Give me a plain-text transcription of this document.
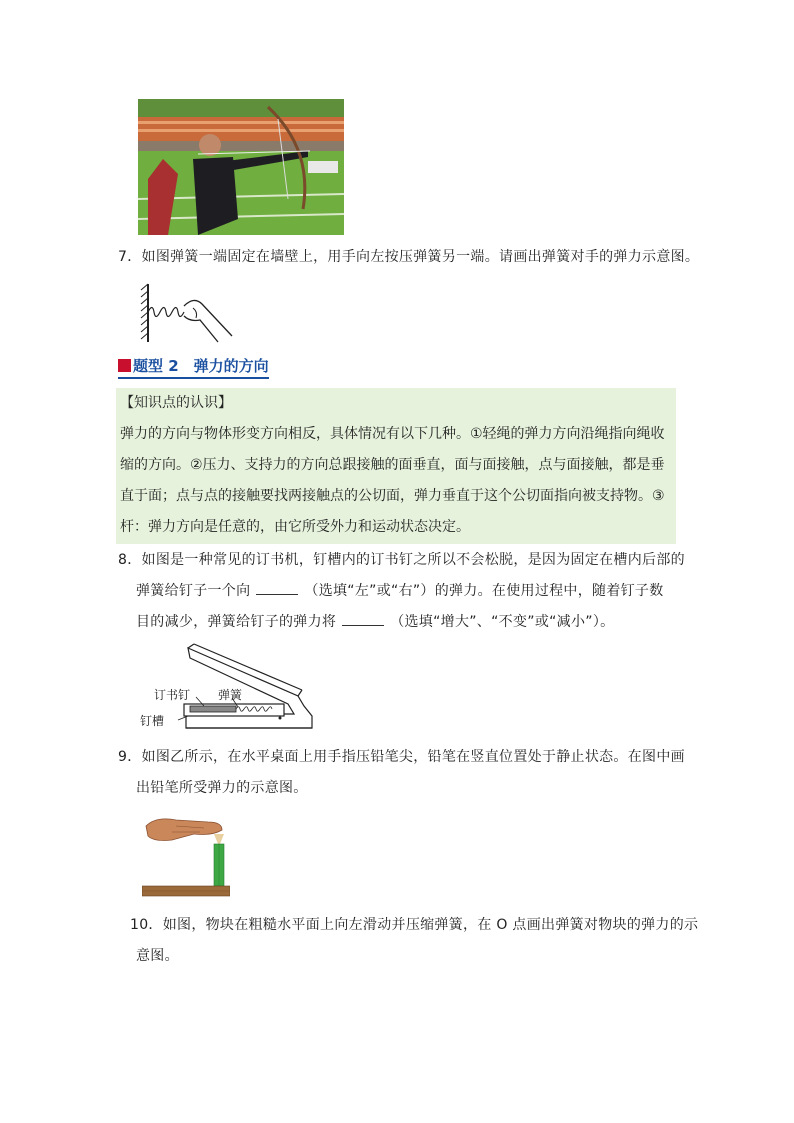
7．如图弹簧一端固定在墙壁上，用手向左按压弹簧另一端。请画出弹簧对手的弹力示意图。
题型 2　弹力的方向

【知识点的认识】

弹力的方向与物体形变方向相反，具体情况有以下几种。①轻绳的弹力方向沿绳指向绳收

缩的方向。②压力、支持力的方向总跟接触的面垂直，面与面接触，点与面接触，都是垂

直于面；点与点的接触要找两接触点的公切面，弹力垂直于这个公切面指向被支持物。③

杆：弹力方向是任意的，由它所受外力和运动状态决定。

8．如图是一种常见的订书机，钉槽内的订书钉之所以不会松脱，是因为固定在槽内后部的
弹簧给钉子一个向	（选填“左”或“右”）的弹力。在使用过程中，随着钉子数
目的减少，弹簧给钉子的弹力将	（选填“增大”、“不变”或“减小”）。
订书钉 弹簧
钉槽
9．如图乙所示，在水平桌面上用手指压铅笔尖，铅笔在竖直位置处于静止状态。在图中画
出铅笔所受弹力的示意图。
10．如图，物块在粗糙水平面上向左滑动并压缩弹簧，在 O 点画出弹簧对物块的弹力的示
意图。
